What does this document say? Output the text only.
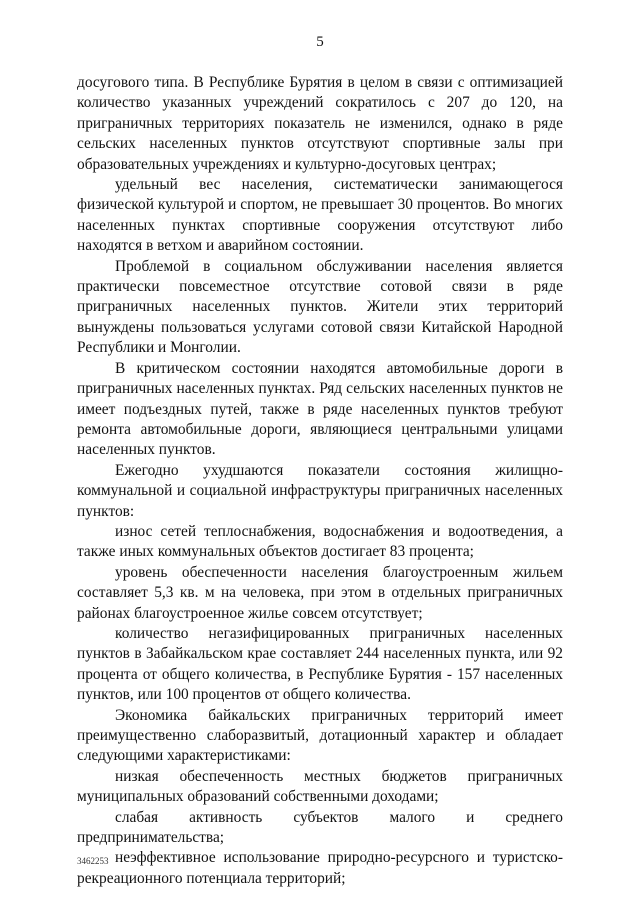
5

досугового типа. В Республике Бурятия в целом в связи с оптимизацией количество указанных учреждений сократилось с 207 до 120, на приграничных территориях показатель не изменился, однако в ряде сельских населенных пунктов отсутствуют спортивные залы при образовательных учреждениях и культурно-досуговых центрах;

удельный вес населения, систематически занимающегося физической культурой и спортом, не превышает 30 процентов. Во многих населенных пунктах спортивные сооружения отсутствуют либо находятся в ветхом и аварийном состоянии.

Проблемой в социальном обслуживании населения является практически повсеместное отсутствие сотовой связи в ряде приграничных населенных пунктов. Жители этих территорий вынуждены пользоваться услугами сотовой связи Китайской Народной Республики и Монголии.

В критическом состоянии находятся автомобильные дороги в приграничных населенных пунктах. Ряд сельских населенных пунктов не имеет подъездных путей, также в ряде населенных пунктов требуют ремонта автомобильные дороги, являющиеся центральными улицами населенных пунктов.

Ежегодно ухудшаются показатели состояния жилищно-коммунальной и социальной инфраструктуры приграничных населенных пунктов:

износ сетей теплоснабжения, водоснабжения и водоотведения, а также иных коммунальных объектов достигает 83 процента;

уровень обеспеченности населения благоустроенным жильем составляет 5,3 кв. м на человека, при этом в отдельных приграничных районах благоустроенное жилье совсем отсутствует;

количество негазифицированных приграничных населенных пунктов в Забайкальском крае составляет 244 населенных пункта, или 92 процента от общего количества, в Республике Бурятия - 157 населенных пунктов, или 100 процентов от общего количества.

Экономика байкальских приграничных территорий имеет преимущественно слаборазвитый, дотационный характер и обладает следующими характеристиками:

низкая обеспеченность местных бюджетов приграничных муниципальных образований собственными доходами;

слабая активность субъектов малого и среднего предпринимательства;

неэффективное использование природно-ресурсного и туристско-рекреационного потенциала территорий;

3462253
